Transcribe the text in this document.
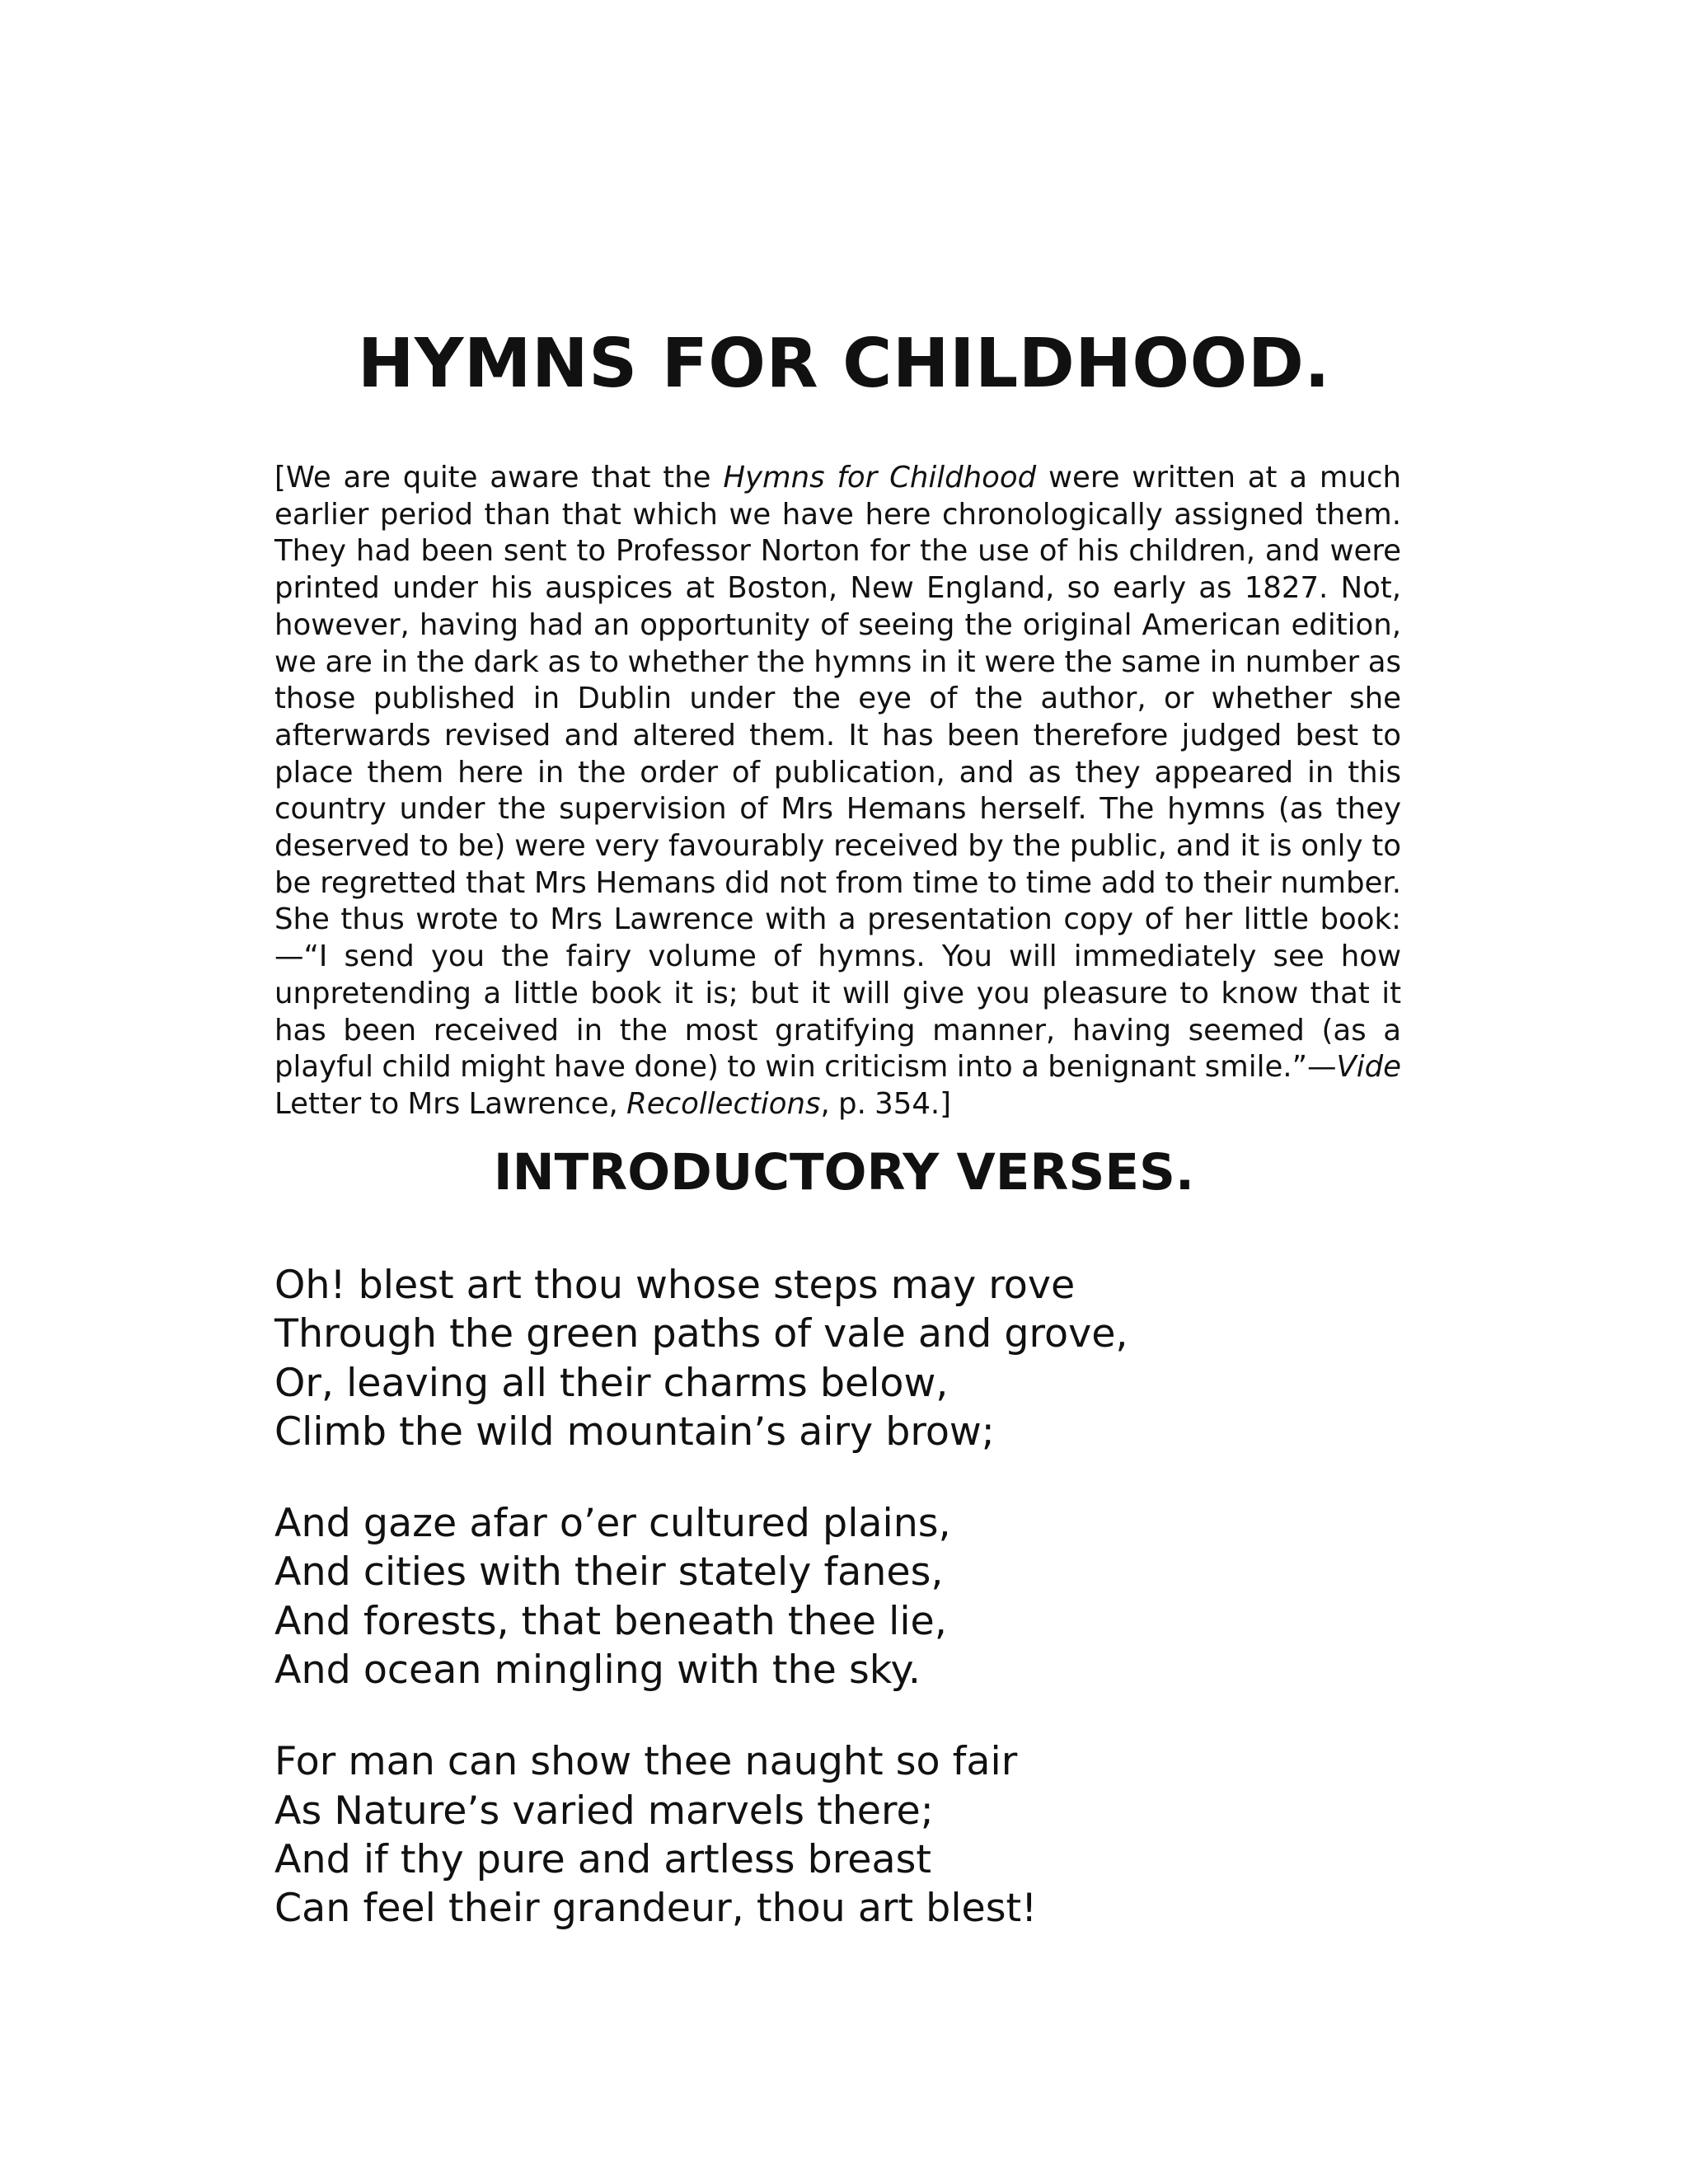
HYMNS FOR CHILDHOOD.

[We are quite aware that the Hymns for Childhood were written at a much earlier period than that which we have here chronologically assigned them. They had been sent to Professor Norton for the use of his children, and were printed under his auspices at Boston, New England, so early as 1827. Not, however, having had an opportunity of seeing the original American edition, we are in the dark as to whether the hymns in it were the same in number as those published in Dublin under the eye of the author, or whether she afterwards revised and altered them. It has been therefore judged best to place them here in the order of publication, and as they appeared in this country under the supervision of Mrs Hemans herself. The hymns (as they deserved to be) were very favourably received by the public, and it is only to be regretted that Mrs Hemans did not from time to time add to their number. She thus wrote to Mrs Lawrence with a presentation copy of her little book:—“I send you the fairy volume of hymns. You will immediately see how unpretending a little book it is; but it will give you pleasure to know that it has been received in the most gratifying manner, having seemed (as a playful child might have done) to win criticism into a benignant smile.”—Vide Letter to Mrs Lawrence, Recollections, p. 354.]

INTRODUCTORY VERSES.
Oh! blest art thou whose steps may rove
Through the green paths of vale and grove,
Or, leaving all their charms below,
Climb the wild mountain’s airy brow;
And gaze afar o’er cultured plains,
And cities with their stately fanes,
And forests, that beneath thee lie,
And ocean mingling with the sky.
For man can show thee naught so fair
As Nature’s varied marvels there;
And if thy pure and artless breast
Can feel their grandeur, thou art blest!
